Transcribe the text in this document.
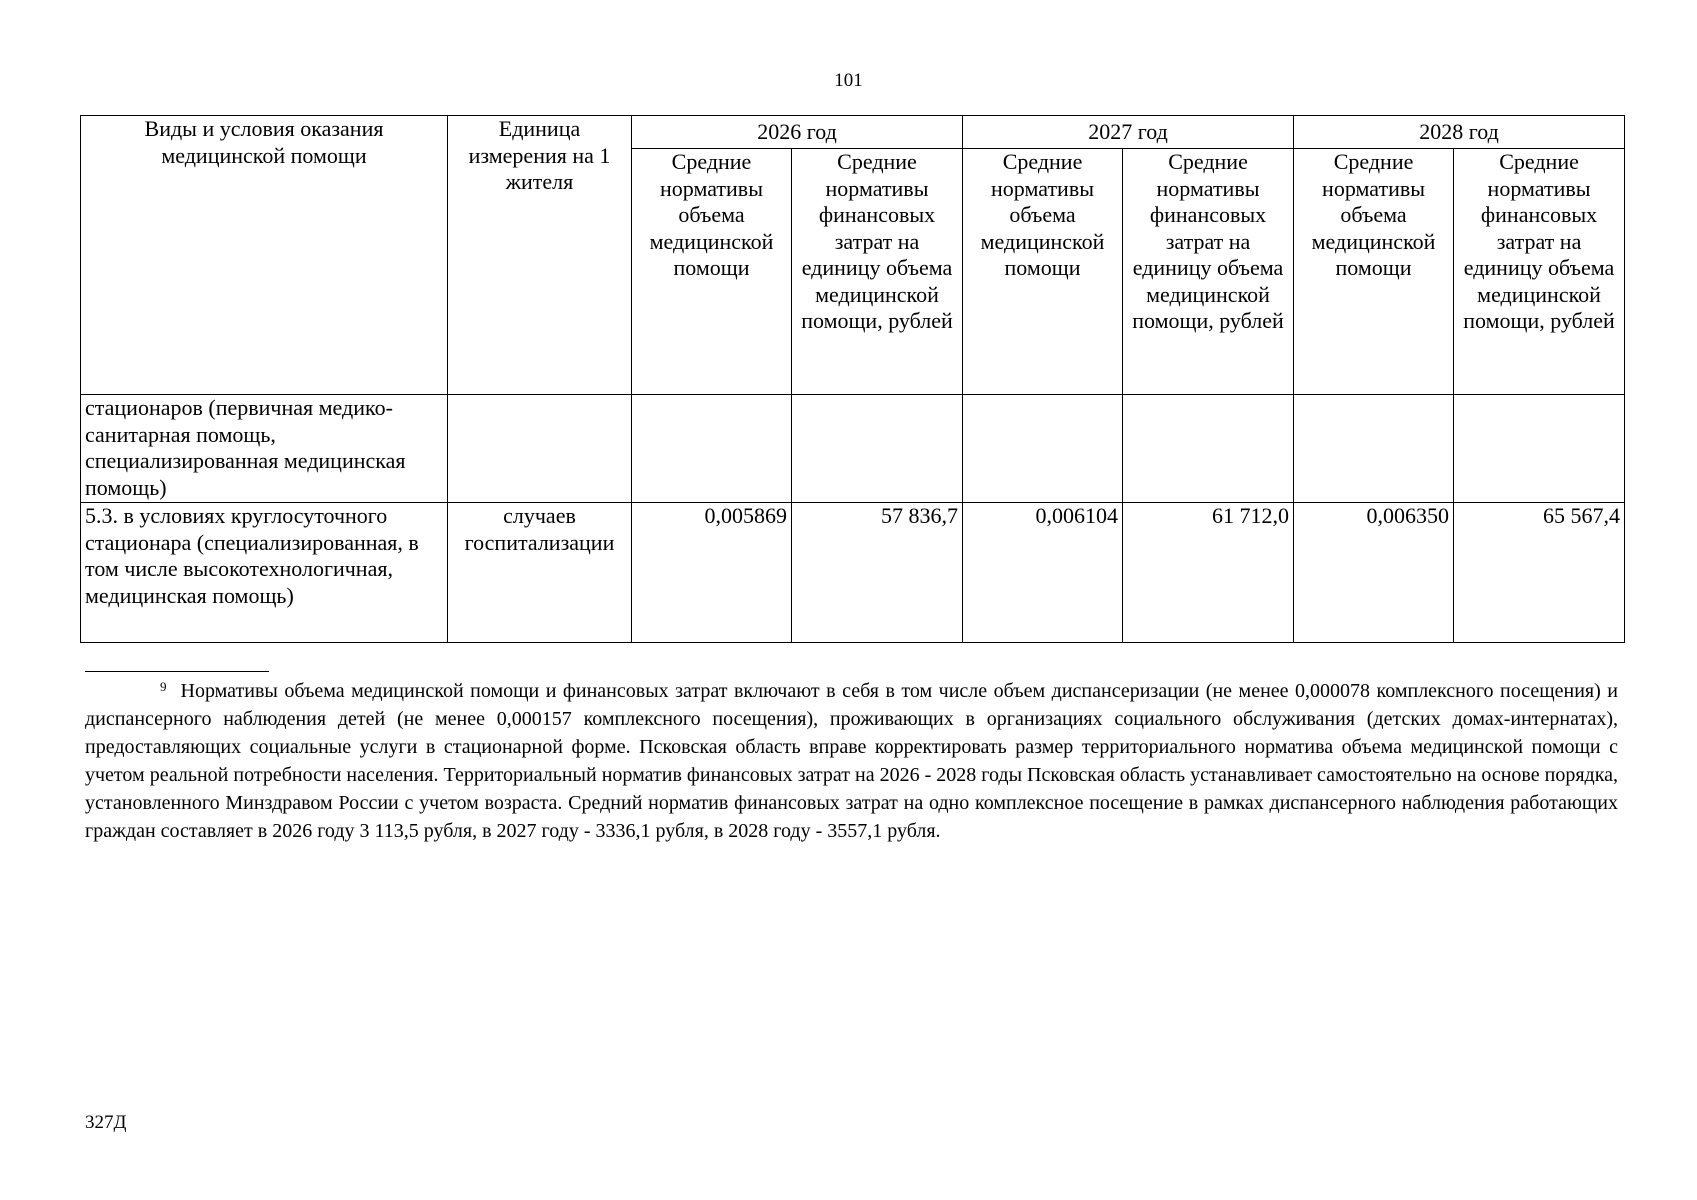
101
Виды и условия оказания медицинской помощи	Единица измерения на 1 жителя	2026 год		2027 год		2028 год	
		Средние нормативы объема медицинской помощи	Средние нормативы финансовых затрат на единицу объема медицинской помощи, рублей	Средние нормативы объема медицинской помощи	Средние нормативы финансовых затрат на единицу объема медицинской помощи, рублей	Средние нормативы объема медицинской помощи	Средние нормативы финансовых затрат на единицу объема медицинской помощи, рублей
стационаров (первичная медико-санитарная помощь, специализированная медицинская помощь)							
5.3. в условиях круглосуточного стационара (специализированная, в том числе высокотехнологичная, медицинская помощь)	случаев госпитализации	0,005869	57 836,7	0,006104	61 712,0	0,006350	65 567,4
$^9$ Нормативы объема медицинской помощи и финансовых затрат включают в себя в том числе объем диспансеризации (не менее 0,000078 комплексного посещения) и диспансерного наблюдения детей (не менее 0,000157 комплексного посещения), проживающих в организациях социального обслуживания (детских домах-интернатах), предоставляющих социальные услуги в стационарной форме. Псковская область вправе корректировать размер территориального норматива объема медицинской помощи с учетом реальной потребности населения. Территориальный норматив финансовых затрат на 2026 - 2028 годы Псковская область устанавливает самостоятельно на основе порядка, установленного Минздравом России с учетом возраста. Средний норматив финансовых затрат на одно комплексное посещение в рамках диспансерного наблюдения работающих граждан составляет в 2026 году 3 113,5 рубля, в 2027 году - 3336,1 рубля, в 2028 году - 3557,1 рубля.
327Д
